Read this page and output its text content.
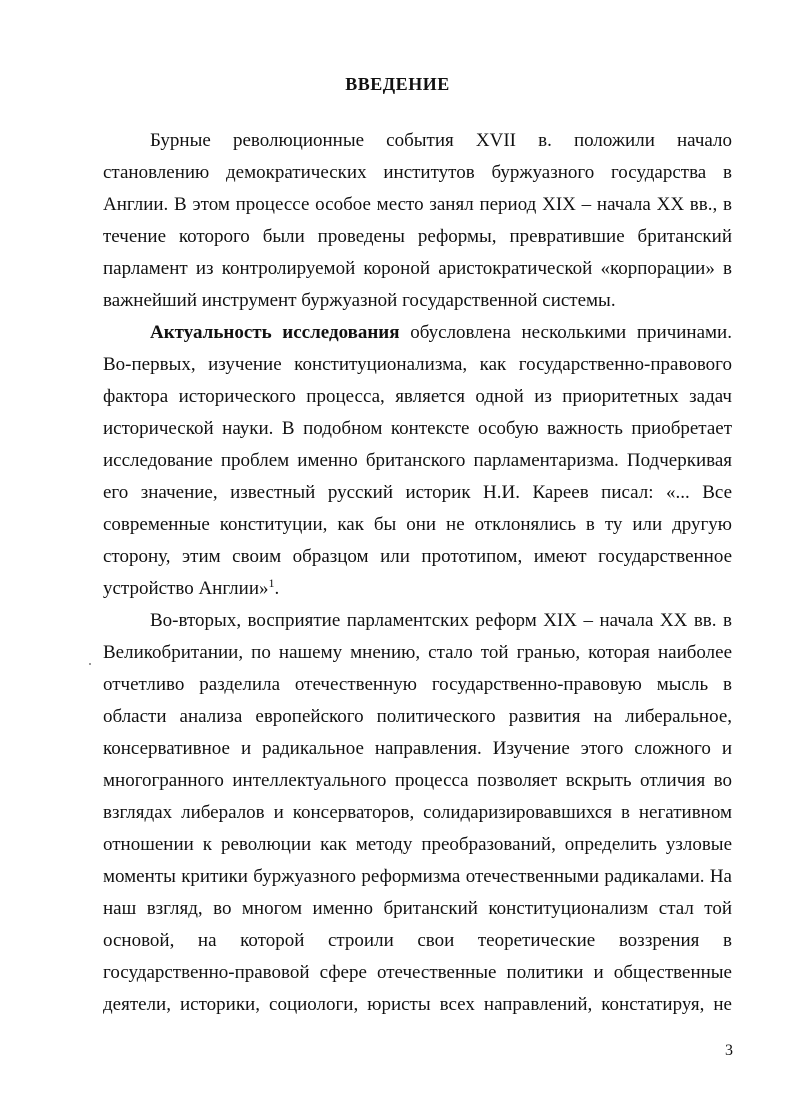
ВВЕДЕНИЕ
Бурные революционные события XVII в. положили начало
становлению демократических институтов буржуазного государства в
Англии. В этом процессе особое место занял период XIX – начала XX вв., в
течение которого были проведены реформы, превратившие британский
парламент из контролируемой короной аристократической «корпорации» в
важнейший инструмент буржуазной государственной системы.
Актуальность исследования обусловлена несколькими причинами.
Во-первых, изучение конституционализма, как государственно-правового
фактора исторического процесса, является одной из приоритетных задач
исторической науки. В подобном контексте особую важность приобретает
исследование проблем именно британского парламентаризма. Подчеркивая
его значение, известный русский историк Н.И. Кареев писал: «... Все
современные конституции, как бы они не отклонялись в ту или другую
сторону, этим своим образцом или прототипом, имеют государственное
устройство Англии»$^1$.
Во-вторых, восприятие парламентских реформ XIX – начала XX вв. в
Великобритании, по нашему мнению, стало той гранью, которая наиболее
отчетливо разделила отечественную государственно-правовую мысль в
области анализа европейского политического развития на либеральное,
консервативное и радикальное направления. Изучение этого сложного и
многогранного интеллектуального процесса позволяет вскрыть отличия во
взглядах либералов и консерваторов, солидаризировавшихся в негативном
отношении к революции как методу преобразований, определить узловые
моменты критики буржуазного реформизма отечественными радикалами. На
наш взгляд, во многом именно британский конституционализм стал той
основой, на которой строили свои теоретические воззрения в
государственно-правовой сфере отечественные политики и общественные
деятели, историки, социологи, юристы всех направлений, констатируя, не
3
